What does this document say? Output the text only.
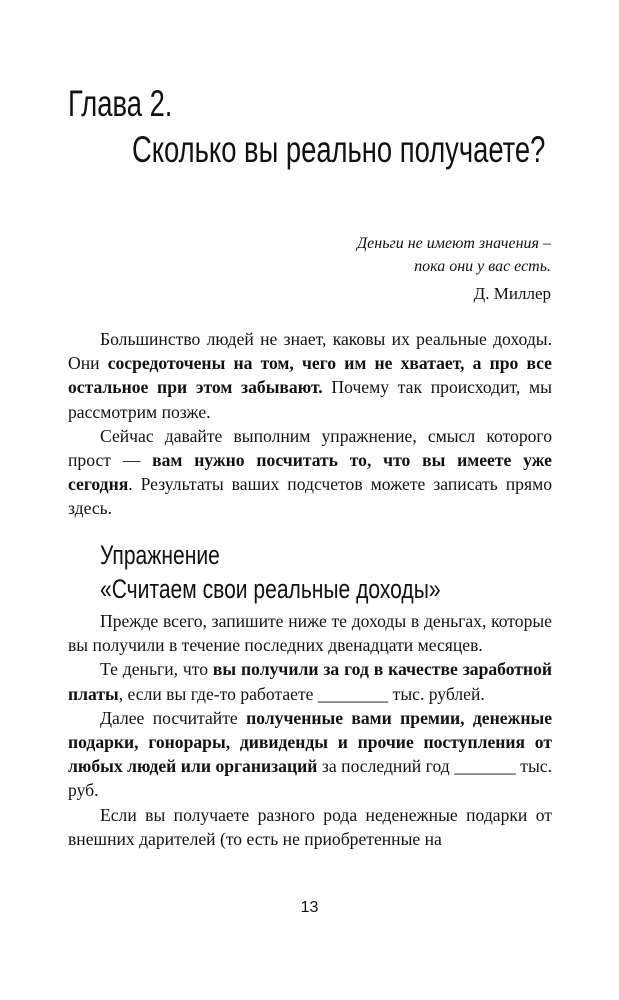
Глава 2.
Сколько вы реально получаете?
Деньги не имеют значения –
пока они у вас есть.
Д. Миллер

Большинство людей не знает, каковы их реальные доходы. Они сосредоточены на том, чего им не хватает, а про все остальное при этом забывают. Почему так происходит, мы рассмотрим позже.

Сейчас давайте выполним упражнение, смысл которого прост — вам нужно посчитать то, что вы имеете уже сегодня. Результаты ваших подсчетов можете записать прямо здесь.

Упражнение
«Считаем свои реальные доходы»

Прежде всего, запишите ниже те доходы в деньгах, которые вы получили в течение последних двенадцати месяцев.

Те деньги, что вы получили за год в качестве заработной платы, если вы где-то работаете ________ тыс. рублей.

Далее посчитайте полученные вами премии, денежные подарки, гонорары, дивиденды и прочие поступления от любых людей или организаций за последний год _______ тыс. руб.

Если вы получаете разного рода неденежные подарки от внешних дарителей (то есть не приобретенные на

13
